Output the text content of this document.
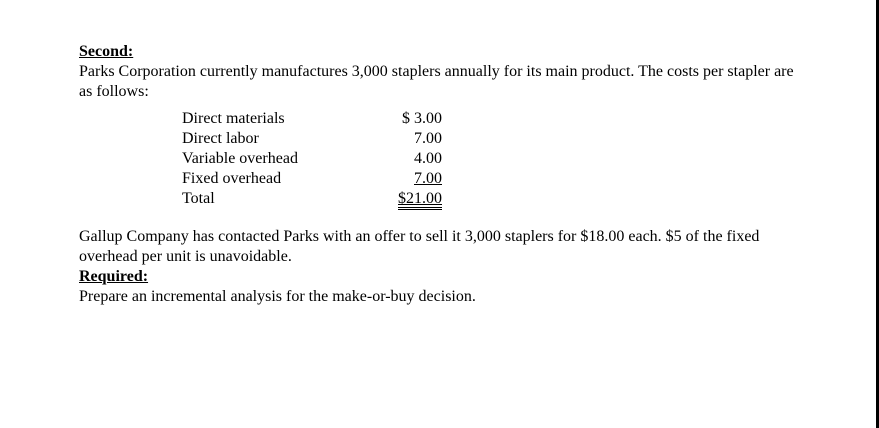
Second:

Parks Corporation currently manufactures 3,000 staplers annually for its main product. The costs per stapler are as follows:

Direct materials	$ 3.00
Direct labor	7.00
Variable overhead	4.00
Fixed overhead	7.00
Total	$21.00

Gallup Company has contacted Parks with an offer to sell it 3,000 staplers for $18.00 each. $5 of the fixed overhead per unit is unavoidable.

Required:

Prepare an incremental analysis for the make-or-buy decision.
